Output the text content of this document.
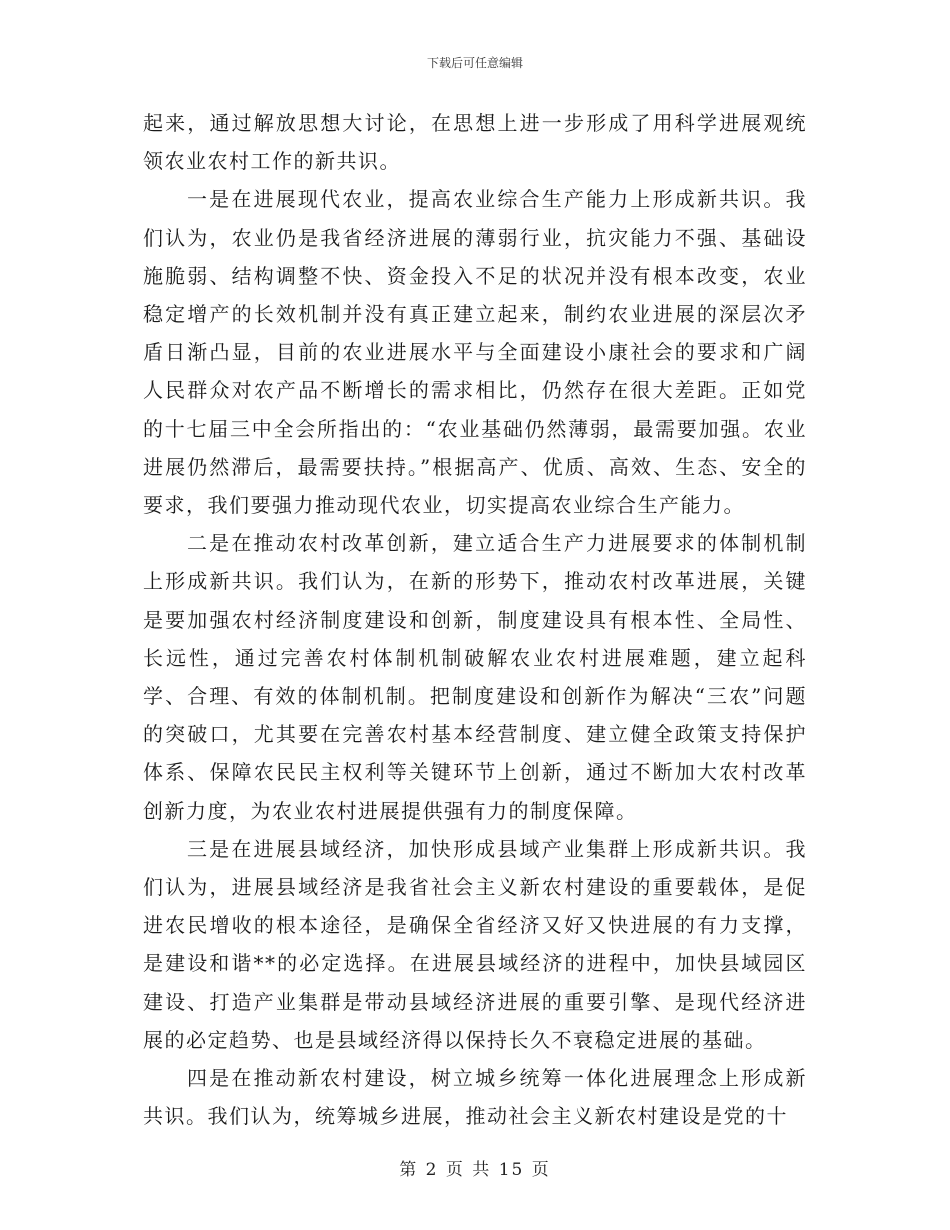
下载后可任意编辑

起来，通过解放思想大讨论，在思想上进一步形成了用科学进展观统领农业农村工作的新共识。

一是在进展现代农业，提高农业综合生产能力上形成新共识。我们认为，农业仍是我省经济进展的薄弱行业，抗灾能力不强、基础设施脆弱、结构调整不快、资金投入不足的状况并没有根本改变，农业稳定增产的长效机制并没有真正建立起来，制约农业进展的深层次矛盾日渐凸显，目前的农业进展水平与全面建设小康社会的要求和广阔人民群众对农产品不断增长的需求相比，仍然存在很大差距。正如党的十七届三中全会所指出的：“农业基础仍然薄弱，最需要加强。农业进展仍然滞后，最需要扶持。”根据高产、优质、高效、生态、安全的要求，我们要强力推动现代农业，切实提高农业综合生产能力。

二是在推动农村改革创新，建立适合生产力进展要求的体制机制上形成新共识。我们认为，在新的形势下，推动农村改革进展，关键是要加强农村经济制度建设和创新，制度建设具有根本性、全局性、长远性，通过完善农村体制机制破解农业农村进展难题，建立起科学、合理、有效的体制机制。把制度建设和创新作为解决“三农”问题的突破口，尤其要在完善农村基本经营制度、建立健全政策支持保护体系、保障农民民主权利等关键环节上创新，通过不断加大农村改革创新力度，为农业农村进展提供强有力的制度保障。

三是在进展县域经济，加快形成县域产业集群上形成新共识。我们认为，进展县域经济是我省社会主义新农村建设的重要载体，是促进农民增收的根本途径，是确保全省经济又好又快进展的有力支撑，是建设和谐**的必定选择。在进展县域经济的进程中，加快县域园区建设、打造产业集群是带动县域经济进展的重要引擎、是现代经济进展的必定趋势、也是县域经济得以保持长久不衰稳定进展的基础。

四是在推动新农村建设，树立城乡统筹一体化进展理念上形成新共识。我们认为，统筹城乡进展，推动社会主义新农村建设是党的十

第 2 页 共 15 页
